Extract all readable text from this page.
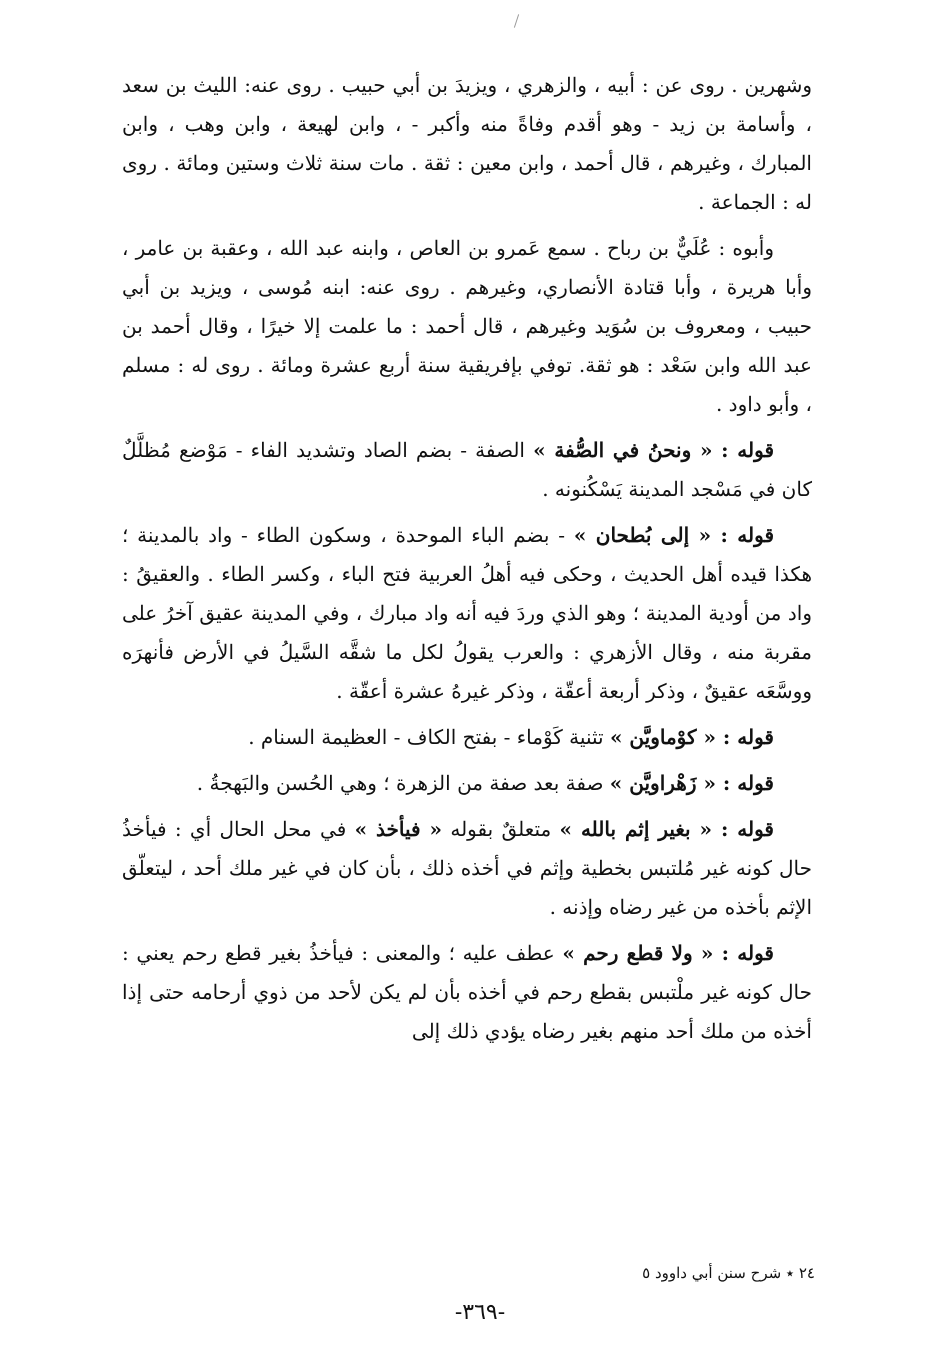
وشهرين . روى عن : أبيه ، والزهري ، ويزيدَ بن أبي حبيب . روى عنه: الليث بن سعد ، وأسامة بن زيد - وهو أقدم وفاةً منه وأكبر - ، وابن لهيعة ، وابن وهب ، وابن المبارك ، وغيرهم ، قال أحمد ، وابن معين : ثقة . مات سنة ثلاث وستين ومائة . روى له : الجماعة .

وأبوه : عُلَيٌّ بن رباح . سمع عَمرو بن العاص ، وابنه عبد الله ، وعقبة بن عامر ، وأبا هريرة ، وأبا قتادة الأنصاري، وغيرهم . روى عنه: ابنه مُوسى ، ويزيد بن أبي حبيب ، ومعروف بن سُوَيد وغيرهم ، قال أحمد : ما علمت إلا خيرًا ، وقال أحمد بن عبد الله وابن سَعْد : هو ثقة. توفي بإفريقية سنة أربع عشرة ومائة . روى له : مسلم ، وأبو داود .

قوله : « ونحنُ في الصُّفة » الصفة - بضم الصاد وتشديد الفاء - مَوْضع مُظلَّلٌ كان في مَسْجد المدينة يَسْكُنونه .

قوله : « إلى بُطحان » - بضم الباء الموحدة ، وسكون الطاء - واد بالمدينة ؛ هكذا قيده أهل الحديث ، وحكى فيه أهلُ العربية فتح الباء ، وكسر الطاء . والعقيقُ : واد من أودية المدينة ؛ وهو الذي وردَ فيه أنه واد مبارك ، وفي المدينة عقيق آخرُ على مقربة منه ، وقال الأزهري : والعرب يقولُ لكل ما شقَّه السَّيلُ في الأرض فأنهرَه ووسَّعَه عقيقٌ ، وذكر أربعة أعقّة ، وذكر غيرهُ عشرة أعقّة .

قوله : « كوْماويَّن » تثنية كَوْماء - بفتح الكاف - العظيمة السنام .

قوله : « زَهْراويَّن » صفة بعد صفة من الزهرة ؛ وهي الحُسن والبَهجةُ .

قوله : « بغير إثم بالله » متعلقٌ بقوله « فيأخذ » في محل الحال أي : فيأخذُ حال كونه غير مُلتبس بخطية وإثم في أخذه ذلك ، بأن كان في غير ملك أحد ، ليتعلّق الإثم بأخذه من غير رضاه وإذنه .

قوله : « ولا قطع رحم » عطف عليه ؛ والمعنى : فيأخذُ بغير قطع رحم يعني : حال كونه غير ملْتبس بقطع رحم في أخذه بأن لم يكن لأحد من ذوي أرحامه حتى إذا أخذه من ملك أحد منهم بغير رضاه يؤدي ذلك إلى

٢٤ ٭ شرح سنن أبي داوود ٥
-٣٦٩-
